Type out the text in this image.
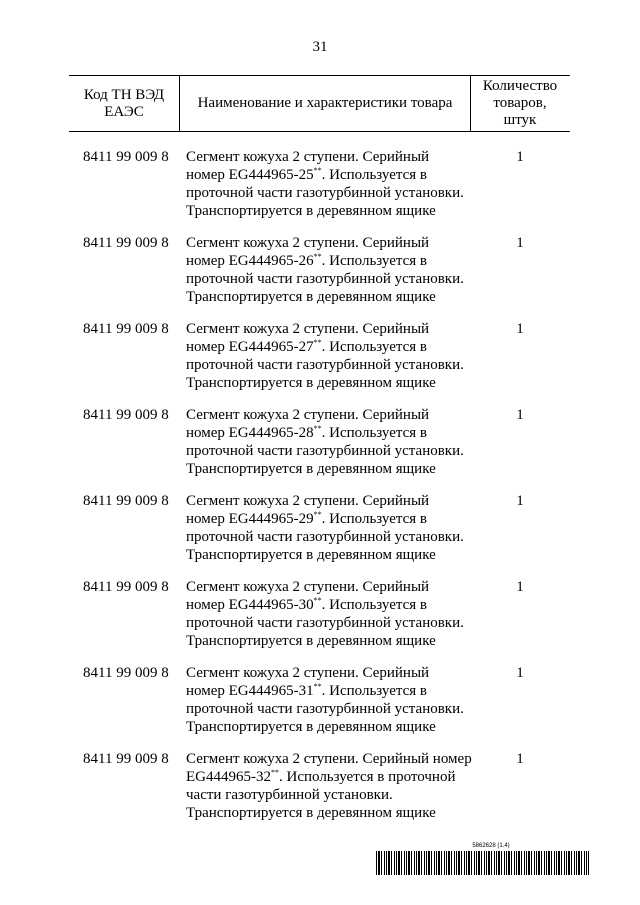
31
Код ТН ВЭД
ЕАЭС
Наименование и характеристики товара
Количество
товаров,
штук
8411 99 009 8 Сегмент кожуха 2 ступени. Серийный
номер EG444965-25**. Используется в
проточной части газотурбинной установки.
Транспортируется в деревянном ящике
1
8411 99 009 8 Сегмент кожуха 2 ступени. Серийный
номер EG444965-26**. Используется в
проточной части газотурбинной установки.
Транспортируется в деревянном ящике
1
8411 99 009 8 Сегмент кожуха 2 ступени. Серийный
номер EG444965-27**. Используется в
проточной части газотурбинной установки.
Транспортируется в деревянном ящике
1
8411 99 009 8 Сегмент кожуха 2 ступени. Серийный
номер EG444965-28**. Используется в
проточной части газотурбинной установки.
Транспортируется в деревянном ящике
1
8411 99 009 8 Сегмент кожуха 2 ступени. Серийный
номер EG444965-29**. Используется в
проточной части газотурбинной установки.
Транспортируется в деревянном ящике
1
8411 99 009 8 Сегмент кожуха 2 ступени. Серийный
номер EG444965-30**. Используется в
проточной части газотурбинной установки.
Транспортируется в деревянном ящике
1
8411 99 009 8 Сегмент кожуха 2 ступени. Серийный
номер EG444965-31**. Используется в
проточной части газотурбинной установки.
Транспортируется в деревянном ящике
1
8411 99 009 8 Сегмент кожуха 2 ступени. Серийный номер
EG444965-32**. Используется в проточной
части газотурбинной установки.
Транспортируется в деревянном ящике
1
5862628 (1.4)
